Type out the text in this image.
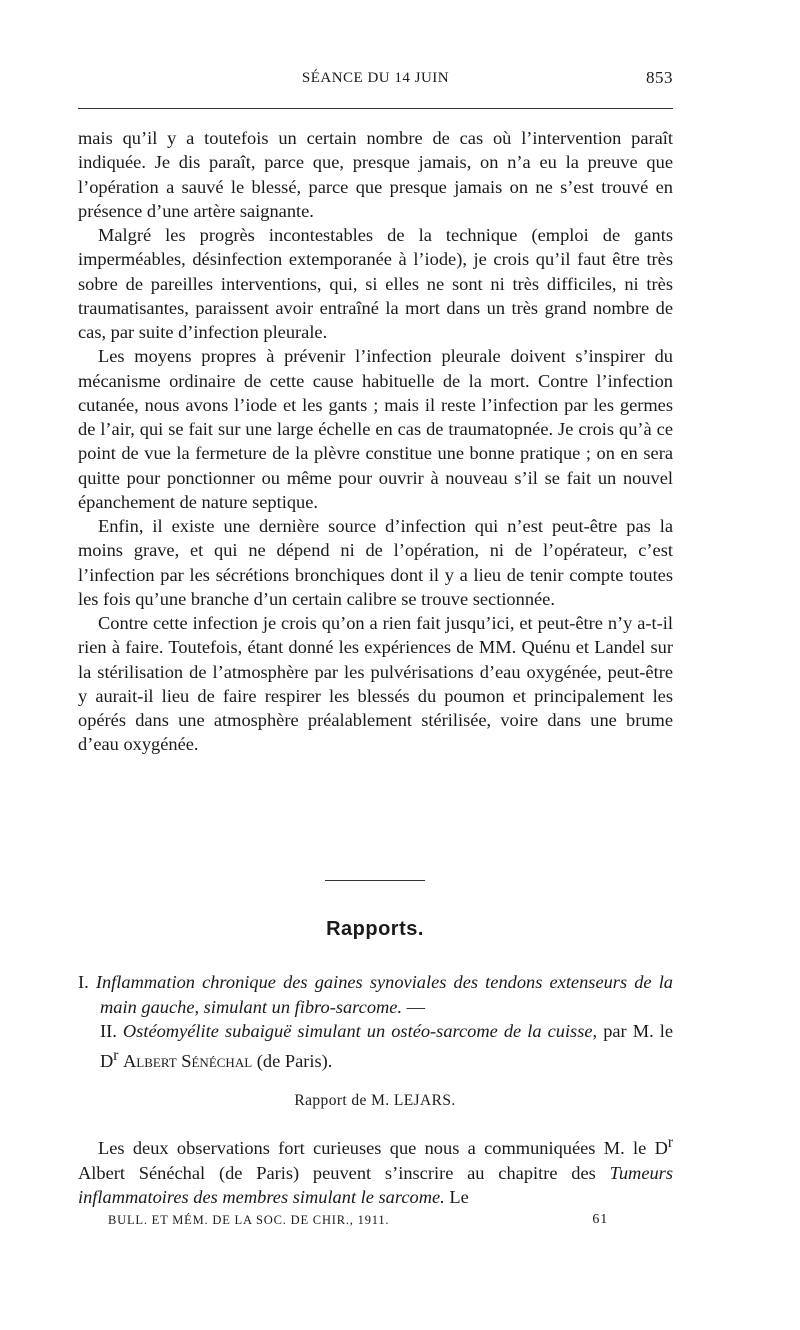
SÉANCE DU 14 JUIN	853

mais qu’il y a toutefois un certain nombre de cas où l’intervention paraît indiquée. Je dis paraît, parce que, presque jamais, on n’a eu la preuve que l’opération a sauvé le blessé, parce que presque jamais on ne s’est trouvé en présence d’une artère saignante.

Malgré les progrès incontestables de la technique (emploi de gants imperméables, désinfection extemporanée à l’iode), je crois qu’il faut être très sobre de pareilles interventions, qui, si elles ne sont ni très difficiles, ni très traumatisantes, paraissent avoir entraîné la mort dans un très grand nombre de cas, par suite d’infection pleurale.

Les moyens propres à prévenir l’infection pleurale doivent s’inspirer du mécanisme ordinaire de cette cause habituelle de la mort. Contre l’infection cutanée, nous avons l’iode et les gants ; mais il reste l’infection par les germes de l’air, qui se fait sur une large échelle en cas de traumatopnée. Je crois qu’à ce point de vue la fermeture de la plèvre constitue une bonne pratique ; on en sera quitte pour ponctionner ou même pour ouvrir à nouveau s’il se fait un nouvel épanchement de nature septique.

Enfin, il existe une dernière source d’infection qui n’est peut-être pas la moins grave, et qui ne dépend ni de l’opération, ni de l’opérateur, c’est l’infection par les sécrétions bronchiques dont il y a lieu de tenir compte toutes les fois qu’une branche d’un certain calibre se trouve sectionnée.

Contre cette infection je crois qu’on a rien fait jusqu’ici, et peut-être n’y a-t-il rien à faire. Toutefois, étant donné les expériences de MM. Quénu et Landel sur la stérilisation de l’atmosphère par les pulvérisations d’eau oxygénée, peut-être y aurait-il lieu de faire respirer les blessés du poumon et principalement les opérés dans une atmosphère préalablement stérilisée, voire dans une brume d’eau oxygénée.

Rapports.

I. Inflammation chronique des gaines synoviales des tendons extenseurs de la main gauche, simulant un fibro-sarcome. —

II. Ostéomyélite subaiguë simulant un ostéo-sarcome de la cuisse, par M. le $D^r$ Albert Sénéchal (de Paris).

Rapport de M. LEJARS.

Les deux observations fort curieuses que nous a communiquées M. le $D^r$ Albert Sénéchal (de Paris) peuvent s’inscrire au chapitre des Tumeurs inflammatoires des membres simulant le sarcome. Le

BULL. ET MÉM. DE LA SOC. DE CHIR., 1911.	61
